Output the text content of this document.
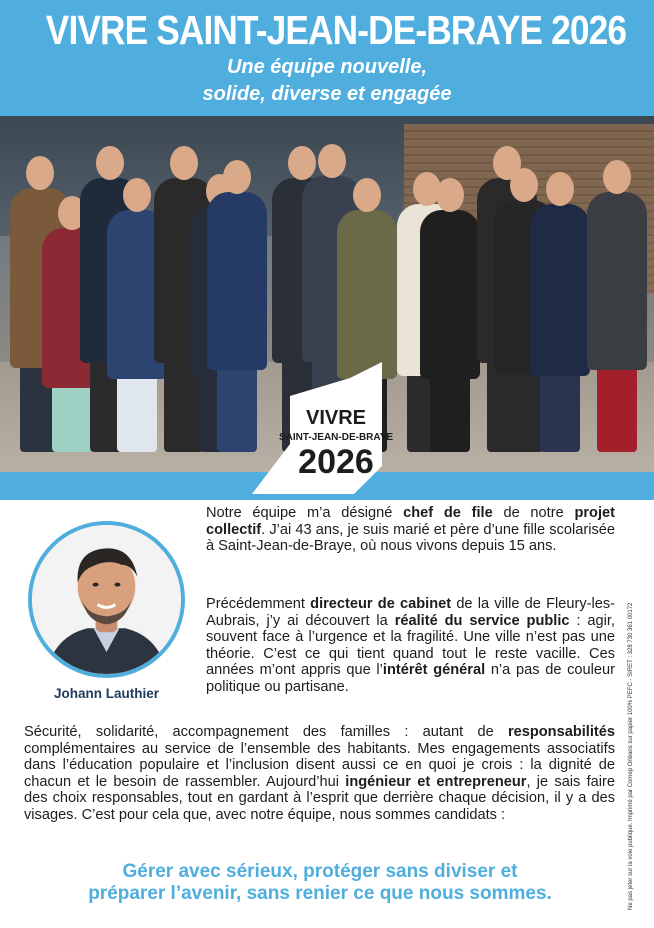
VIVRE SAINT-JEAN-DE-BRAYE 2026
Une équipe nouvelle,
solide, diverse et engagée
VIVRE
SAINT-JEAN-DE-BRAYE
2026
Johann Lauthier

Notre équipe m’a désigné chef de file de notre projet collectif. J’ai 43 ans, je suis marié et père d’une fille scolarisée à Saint-Jean-de-Braye, où nous vivons depuis 15 ans.

Précédemment directeur de cabinet de la ville de Fleury-les-Aubrais, j’y ai découvert la réalité du service public : agir, souvent face à l’urgence et la fragilité. Une ville n’est pas une théorie. C’est ce qui tient quand tout le reste vacille. Ces années m’ont appris que l’intérêt général n’a pas de couleur politique ou partisane.

Sécurité, solidarité, accompagnement des familles : autant de responsabilités complémentaires au service de l’ensemble des habitants. Mes engagements associatifs dans l’éducation populaire et l’inclusion disent aussi ce en quoi je crois : la dignité de chacun et le besoin de rassembler. Aujourd’hui ingénieur et entrepreneur, je sais faire des choix responsables, tout en gardant à l’esprit que derrière chaque décision, il y a des visages. C’est pour cela que, avec notre équipe, nous sommes candidats :

Gérer avec sérieux, protéger sans diviser et
préparer l’avenir, sans renier ce que nous sommes.	Ne pas jeter sur la voie publique. Imprimé par Comep Orléans sur papier 100% PEFC - SIRET : 328 730 361 00172
